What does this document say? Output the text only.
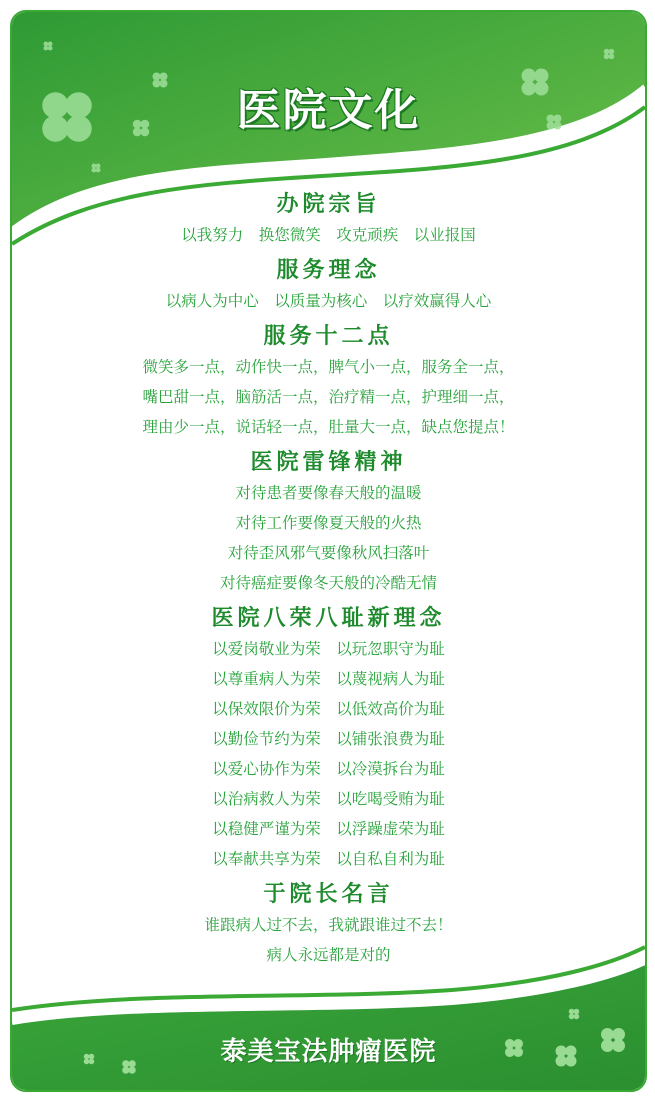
医院文化
办院宗旨
以我努力　换您微笑　攻克顽疾　以业报国
服务理念
以病人为中心　以质量为核心　以疗效赢得人心
服务十二点
微笑多一点，动作快一点，脾气小一点，服务全一点，
嘴巴甜一点，脑筋活一点，治疗精一点，护理细一点，
理由少一点，说话轻一点，肚量大一点，缺点您提点！
医院雷锋精神
对待患者要像春天般的温暖
对待工作要像夏天般的火热
对待歪风邪气要像秋风扫落叶
对待癌症要像冬天般的冷酷无情
医院八荣八耻新理念
以爱岗敬业为荣　以玩忽职守为耻
以尊重病人为荣　以蔑视病人为耻
以保效限价为荣　以低效高价为耻
以勤俭节约为荣　以铺张浪费为耻
以爱心协作为荣　以冷漠拆台为耻
以治病救人为荣　以吃喝受贿为耻
以稳健严谨为荣　以浮躁虚荣为耻
以奉献共享为荣　以自私自利为耻
于院长名言
谁跟病人过不去，我就跟谁过不去！
病人永远都是对的
泰美宝法肿瘤医院
